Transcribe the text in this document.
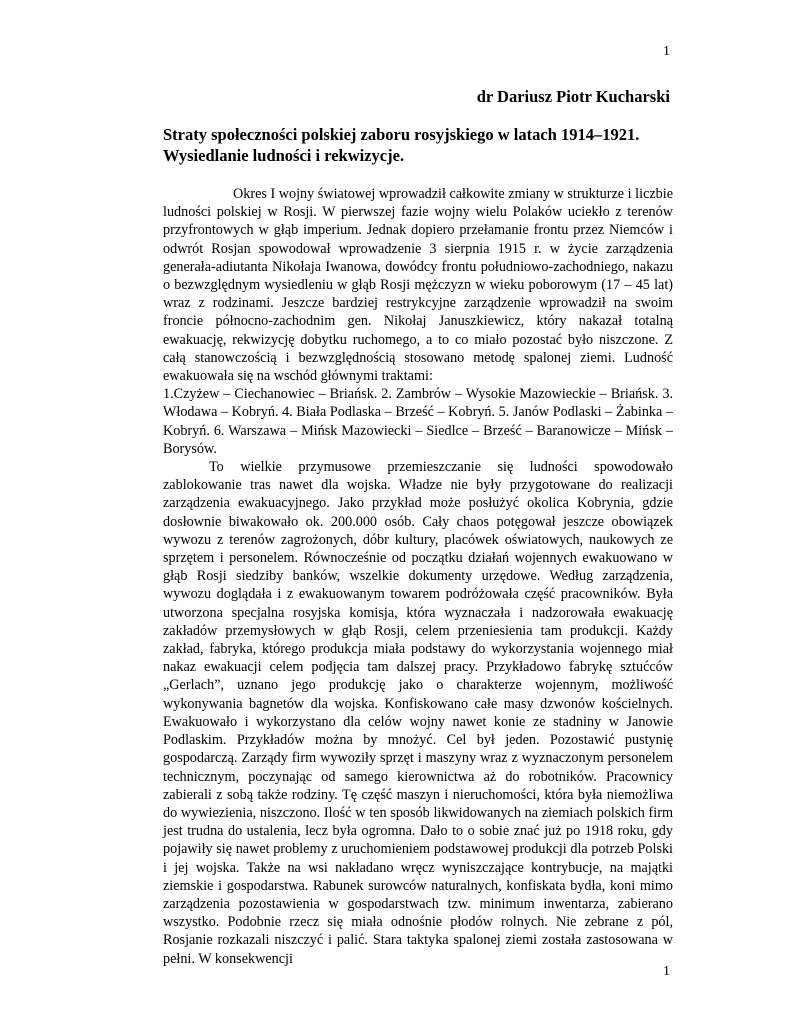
1
dr Dariusz Piotr Kucharski
Straty społeczności polskiej zaboru rosyjskiego w latach 1914–1921. Wysiedlanie ludności i rekwizycje.

Okres I wojny światowej wprowadził całkowite zmiany w strukturze i liczbie ludności polskiej w Rosji. W pierwszej fazie wojny wielu Polaków uciekło z terenów przyfrontowych w głąb imperium. Jednak dopiero przełamanie frontu przez Niemców i odwrót Rosjan spowodował wprowadzenie 3 sierpnia 1915 r. w życie zarządzenia generała-adiutanta Nikołaja Iwanowa, dowódcy frontu południowo-zachodniego, nakazu o bezwzględnym wysiedleniu w głąb Rosji mężczyzn w wieku poborowym (17 – 45 lat) wraz z rodzinami. Jeszcze bardziej restrykcyjne zarządzenie wprowadził na swoim froncie północno-zachodnim gen. Nikołaj Januszkiewicz, który nakazał totalną ewakuację, rekwizycję dobytku ruchomego, a to co miało pozostać było niszczone. Z całą stanowczością i bezwzględnością stosowano metodę spalonej ziemi. Ludność ewakuowała się na wschód głównymi traktami:

1.Czyżew – Ciechanowiec – Briańsk. 2. Zambrów – Wysokie Mazowieckie – Briańsk. 3. Włodawa – Kobryń. 4. Biała Podlaska – Brześć – Kobryń. 5. Janów Podlaski – Żabinka – Kobryń. 6. Warszawa – Mińsk Mazowiecki – Siedlce – Brześć – Baranowicze – Mińsk – Borysów.

To wielkie przymusowe przemieszczanie się ludności spowodowało zablokowanie tras nawet dla wojska. Władze nie były przygotowane do realizacji zarządzenia ewakuacyjnego. Jako przykład może posłużyć okolica Kobrynia, gdzie dosłownie biwakowało ok. 200.000 osób. Cały chaos potęgował jeszcze obowiązek wywozu z terenów zagrożonych, dóbr kultury, placówek oświatowych, naukowych ze sprzętem i personelem. Równocześnie od początku działań wojennych ewakuowano w głąb Rosji siedziby banków, wszelkie dokumenty urzędowe. Według zarządzenia, wywozu doglądała i z ewakuowanym towarem podróżowała część pracowników. Była utworzona specjalna rosyjska komisja, która wyznaczała i nadzorowała ewakuację zakładów przemysłowych w głąb Rosji, celem przeniesienia tam produkcji. Każdy zakład, fabryka, którego produkcja miała podstawy do wykorzystania wojennego miał nakaz ewakuacji celem podjęcia tam dalszej pracy. Przykładowo fabrykę sztućców „Gerlach”, uznano jego produkcję jako o charakterze wojennym, możliwość wykonywania bagnetów dla wojska. Konfiskowano całe masy dzwonów kościelnych. Ewakuowało i wykorzystano dla celów wojny nawet konie ze stadniny w Janowie Podlaskim. Przykładów można by mnożyć. Cel był jeden. Pozostawić pustynię gospodarczą. Zarządy firm wywoziły sprzęt i maszyny wraz z wyznaczonym personelem technicznym, poczynając od samego kierownictwa aż do robotników. Pracownicy zabierali z sobą także rodziny. Tę część maszyn i nieruchomości, która była niemożliwa do wywiezienia, niszczono. Ilość w ten sposób likwidowanych na ziemiach polskich firm jest trudna do ustalenia, lecz była ogromna. Dało to o sobie znać już po 1918 roku, gdy pojawiły się nawet problemy z uruchomieniem podstawowej produkcji dla potrzeb Polski i jej wojska. Także na wsi nakładano wręcz wyniszczające kontrybucje, na majątki ziemskie i gospodarstwa. Rabunek surowców naturalnych, konfiskata bydła, koni mimo zarządzenia pozostawienia w gospodarstwach tzw. minimum inwentarza, zabierano wszystko. Podobnie rzecz się miała odnośnie płodów rolnych. Nie zebrane z pól, Rosjanie rozkazali niszczyć i palić. Stara taktyka spalonej ziemi została zastosowana w pełni. W konsekwencji

1
